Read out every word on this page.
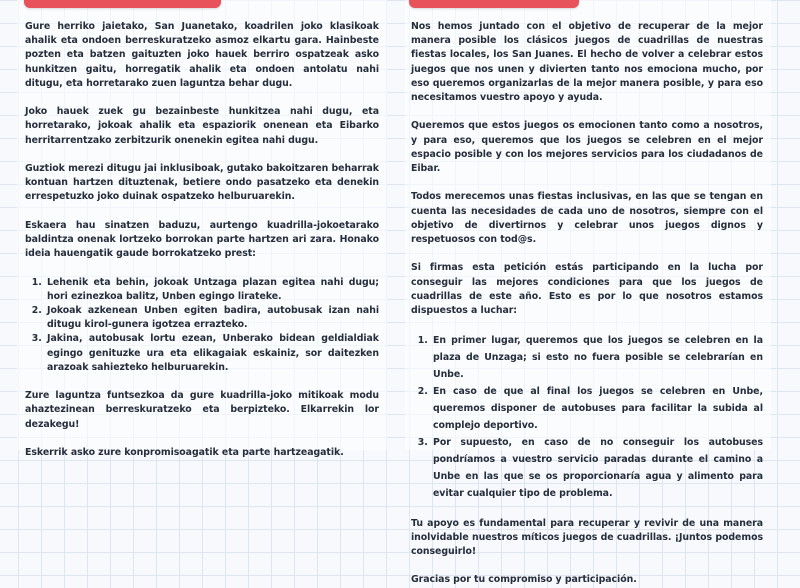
Gure herriko jaietako, San Juanetako, koadrilen joko klasikoak ahalik eta ondoen berreskuratzeko asmoz elkartu gara. Hainbeste pozten eta batzen gaituzten joko hauek berriro ospatzeak asko hunkitzen gaitu, horregatik ahalik eta ondoen antolatu nahi ditugu, eta horretarako zuen laguntza behar dugu.

Joko hauek zuek gu bezainbeste hunkitzea nahi dugu, eta horretarako, jokoak ahalik eta espaziorik onenean eta Eibarko herritarrentzako zerbitzurik onenekin egitea nahi dugu.

Guztiok merezi ditugu jai inklusiboak, gutako bakoitzaren beharrak kontuan hartzen dituztenak, betiere ondo pasatzeko eta denekin errespetuzko joko duinak ospatzeko helburuarekin.

Eskaera hau sinatzen baduzu, aurtengo kuadrilla-jokoetarako baldintza onenak lortzeko borrokan parte hartzen ari zara. Honako ideia hauengatik gaude borrokatzeko prest:

1. Lehenik eta behin, jokoak Untzaga plazan egitea nahi dugu; hori ezinezkoa balitz, Unben egingo lirateke.
2. Jokoak azkenean Unben egiten badira, autobusak izan nahi ditugu kirol-gunera igotzea errazteko.
3. Jakina, autobusak lortu ezean, Unberako bidean geldialdiak egingo genituzke ura eta elikagaiak eskainiz, sor daitezken arazoak sahiezteko helburuarekin.

Zure laguntza funtsezkoa da gure kuadrilla-joko mitikoak modu ahaztezinean berreskuratzeko eta berpizteko. Elkarrekin lor dezakegu!

Eskerrik asko zure konpromisoagatik eta parte hartzeagatik.

Nos hemos juntado con el objetivo de recuperar de la mejor manera posible los clásicos juegos de cuadrillas de nuestras fiestas locales, los San Juanes. El hecho de volver a celebrar estos juegos que nos unen y divierten tanto nos emociona mucho, por eso queremos organizarlas de la mejor manera posible, y para eso necesitamos vuestro apoyo y ayuda.

Queremos que estos juegos os emocionen tanto como a nosotros, y para eso, queremos que los juegos se celebren en el mejor espacio posible y con los mejores servicios para los ciudadanos de Eibar.

Todos merecemos unas fiestas inclusivas, en las que se tengan en cuenta las necesidades de cada uno de nosotros, siempre con el objetivo de divertirnos y celebrar unos juegos dignos y respetuosos con tod@s.

Si firmas esta petición estás participando en la lucha por conseguir las mejores condiciones para que los juegos de cuadrillas de este año. Esto es por lo que nosotros estamos dispuestos a luchar:

1. En primer lugar, queremos que los juegos se celebren en la plaza de Unzaga; si esto no fuera posible se celebrarían en Unbe.
2. En caso de que al final los juegos se celebren en Unbe, queremos disponer de autobuses para facilitar la subida al complejo deportivo.
3. Por supuesto, en caso de no conseguir los autobuses pondríamos a vuestro servicio paradas durante el camino a Unbe en las que se os proporcionaría agua y alimento para evitar cualquier tipo de problema.

Tu apoyo es fundamental para recuperar y revivir de una manera inolvidable nuestros míticos juegos de cuadrillas. ¡Juntos podemos conseguirlo!

Gracias por tu compromiso y participación.
